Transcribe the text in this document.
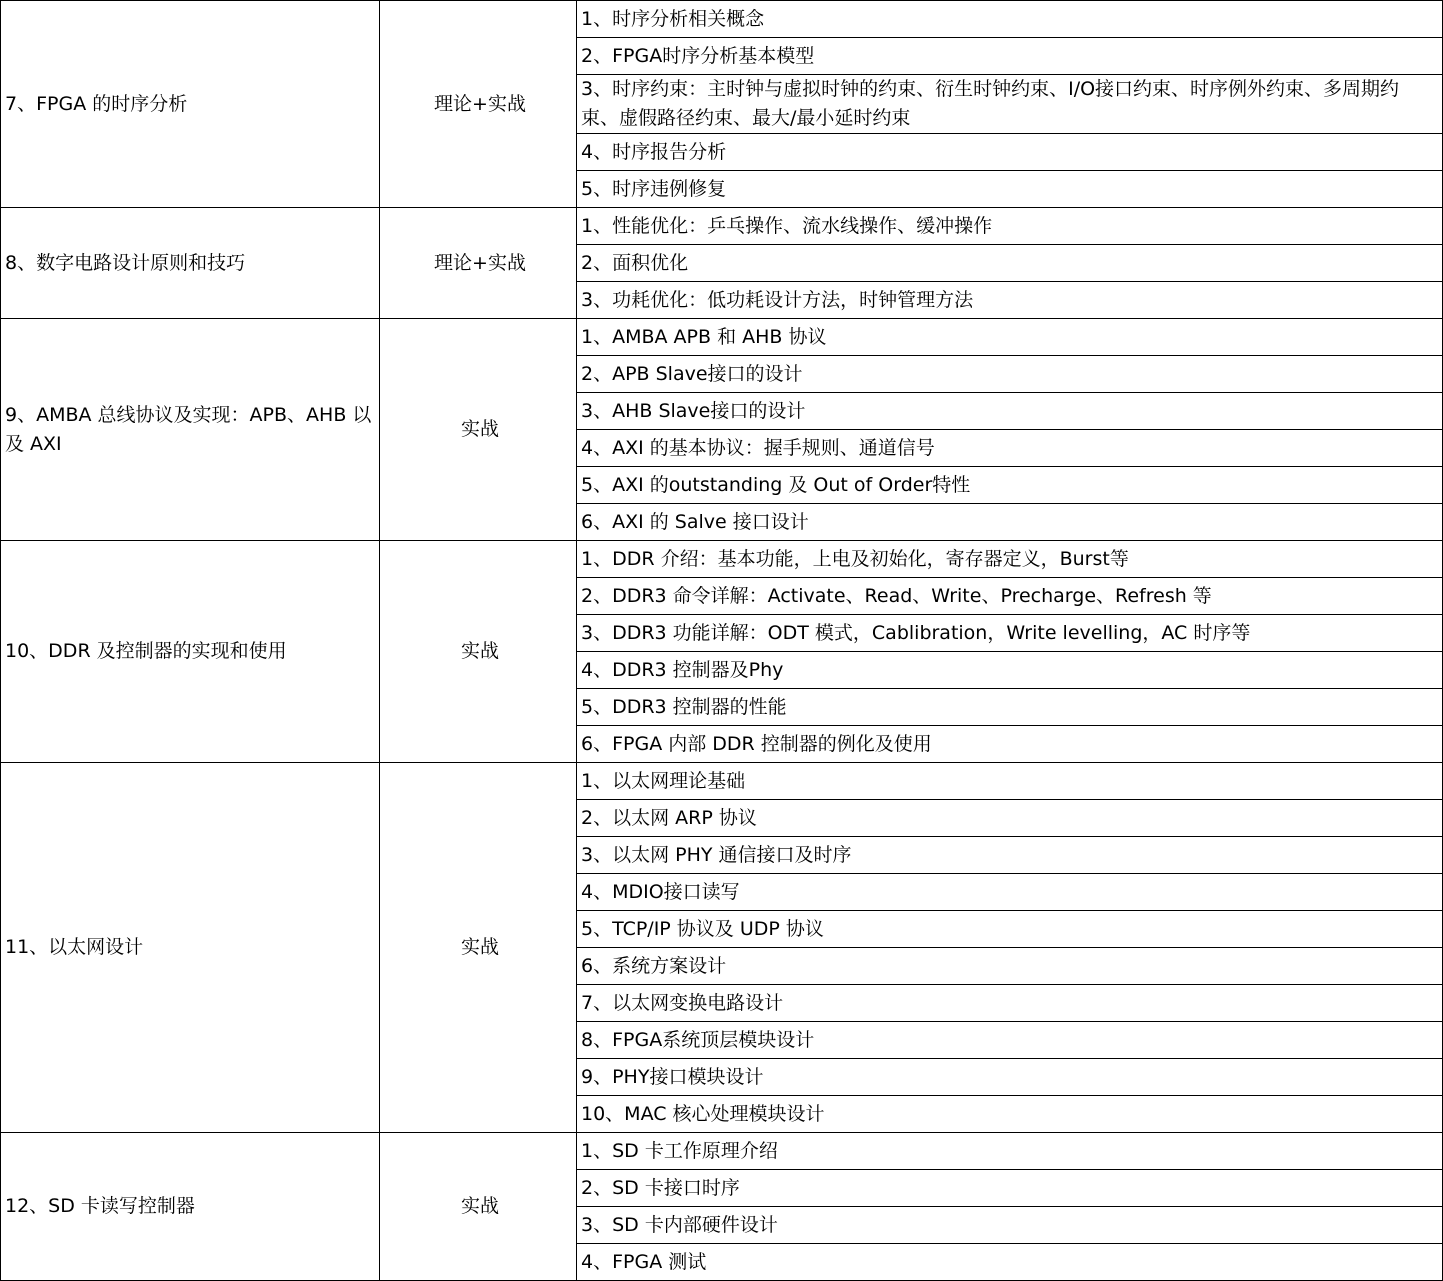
7、FPGA 的时序分析	理论+实战	1、时序分析相关概念
		2、FPGA时序分析基本模型
		3、时序约束：主时钟与虚拟时钟的约束、衍生时钟约束、I/O接口约束、时序例外约束、多周期约束、虚假路径约束、最大/最小延时约束
		4、时序报告分析
		5、时序违例修复
8、数字电路设计原则和技巧	理论+实战	1、性能优化：乒乓操作、流水线操作、缓冲操作
		2、面积优化
		3、功耗优化：低功耗设计方法，时钟管理方法
9、AMBA 总线协议及实现：APB、AHB 以及 AXI	实战	1、AMBA APB 和 AHB 协议
		2、APB Slave接口的设计
		3、AHB Slave接口的设计
		4、AXI 的基本协议：握手规则、通道信号
		5、AXI 的outstanding 及 Out of Order特性
		6、AXI 的 Salve 接口设计
10、DDR 及控制器的实现和使用	实战	1、DDR 介绍：基本功能，上电及初始化，寄存器定义，Burst等
		2、DDR3 命令详解：Activate、Read、Write、Precharge、Refresh 等
		3、DDR3 功能详解：ODT 模式，Cablibration，Write levelling，AC 时序等
		4、DDR3 控制器及Phy
		5、DDR3 控制器的性能
		6、FPGA 内部 DDR 控制器的例化及使用
11、以太网设计	实战	1、以太网理论基础
		2、以太网 ARP 协议
		3、以太网 PHY 通信接口及时序
		4、MDIO接口读写
		5、TCP/IP 协议及 UDP 协议
		6、系统方案设计
		7、以太网变换电路设计
		8、FPGA系统顶层模块设计
		9、PHY接口模块设计
		10、MAC 核心处理模块设计
12、SD 卡读写控制器	实战	1、SD 卡工作原理介绍
		2、SD 卡接口时序
		3、SD 卡内部硬件设计
		4、FPGA 测试
